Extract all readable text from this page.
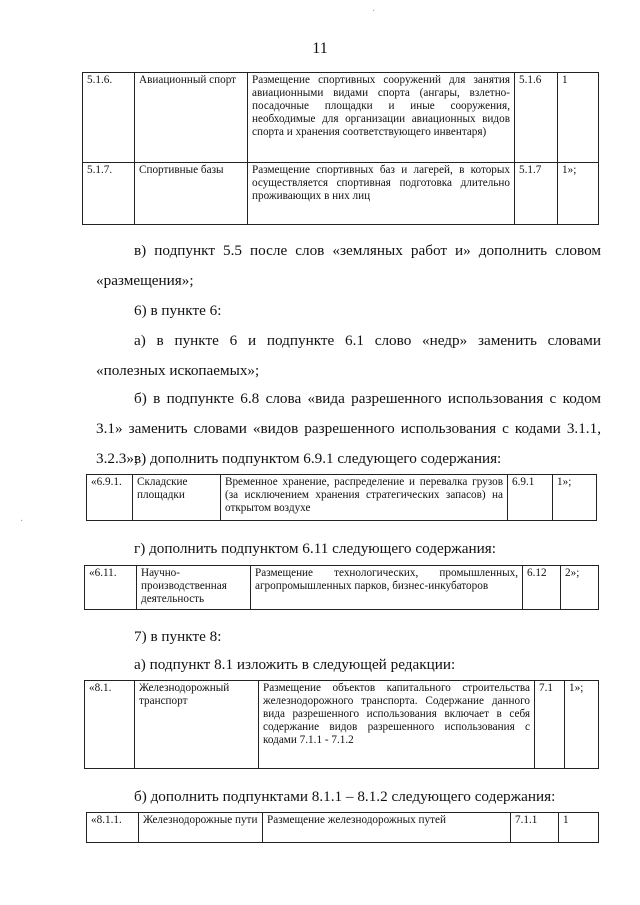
·
·
11
5.1.6.	Авиационный спорт	Размещение спортивных сооружений для занятия авиационными видами спорта (ангары, взлетно-посадочные площадки и иные сооружения, необходимые для организации авиационных видов спорта и хранения соответствующего инвентаря)	5.1.6	1
5.1.7.	Спортивные базы	Размещение спортивных баз и лагерей, в которых осуществляется спортивная подготовка длительно проживающих в них лиц	5.1.7	1»;
в) подпункт 5.5 после слов «земляных работ и» дополнить словом «размещения»;
6) в пункте 6:
а) в пункте 6 и подпункте 6.1 слово «недр» заменить словами «полезных ископаемых»;
б) в подпункте 6.8 слова «вида разрешенного использования с кодом 3.1» заменить словами «видов разрешенного использования с кодами 3.1.1, 3.2.3»;
в) дополнить подпунктом 6.9.1 следующего содержания:
«6.9.1.	Складские площадки	Временное хранение, распределение и перевалка грузов (за исключением хранения стратегических запасов) на открытом воздухе	6.9.1	1»;
г) дополнить подпунктом 6.11 следующего содержания:
«6.11.	Научно-производственная деятельность	Размещение технологических, промышленных, агропромышленных парков, бизнес-инкубаторов	6.12	2»;
7) в пункте 8:
а) подпункт 8.1 изложить в следующей редакции:
«8.1.	Железнодорожный транспорт	Размещение объектов капитального строительства железнодорожного транспорта. Содержание данного вида разрешенного использования включает в себя содержание видов разрешенного использования с кодами 7.1.1 - 7.1.2	7.1	1»;
б) дополнить подпунктами 8.1.1 – 8.1.2 следующего содержания:
«8.1.1.	Железнодорожные пути	Размещение железнодорожных путей	7.1.1	1
